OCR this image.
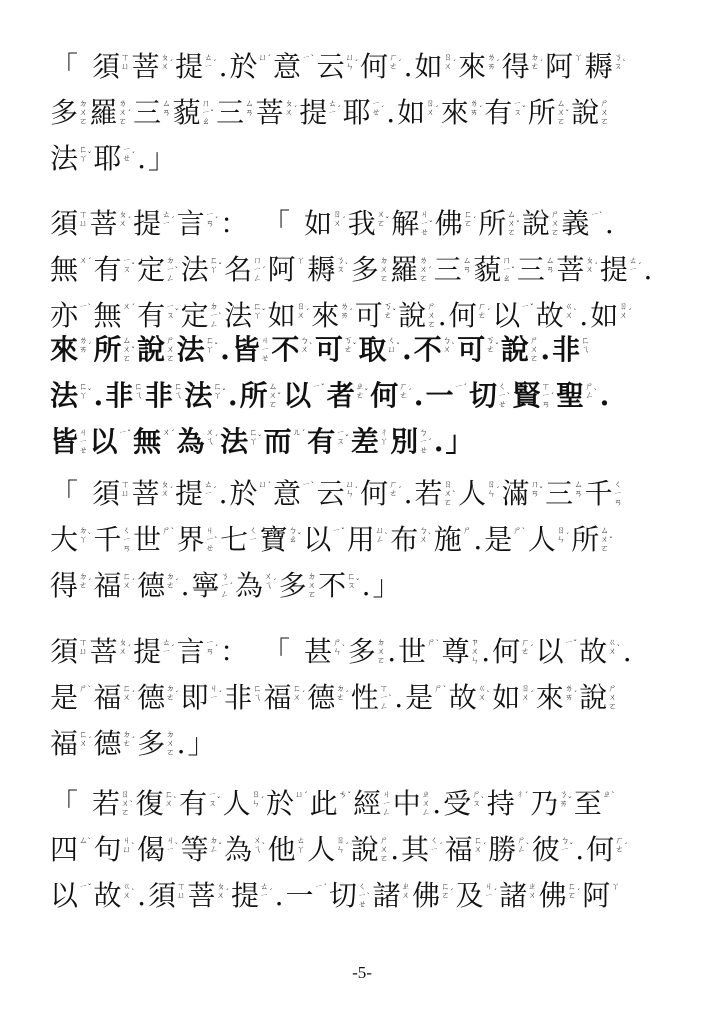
「 須 ㄒ
ㄩ 菩 ㄆ
ㄨ ˊ 提 ㄊ
ㄧ ˊ . 於 ㄩ ˊ 意 ㄧ ˋ 云 ㄩ
ㄣ ˊ 何 ㄏ
ㄜ ˊ . 如 ㄖ
ㄨ ˊ 來 ㄌ
ㄞ ˊ 得 ㄉ
ㄜ ˊ 阿 ㄚ 耨 ㄋ
ㄡ ˋ
多 ㄉ
ㄨ
ㄛ 羅 ㄌ
ㄨ
ㄛ
ˊ 三 ㄙ
ㄢ 藐 ㄇ
ㄧ
ㄠ
ˇ 三 ㄙ
ㄢ 菩 ㄆ
ㄨ ˊ 提 ㄊ
ㄧ ˊ 耶 ㄧ
ㄝ ˊ . 如 ㄖ
ㄨ ˊ 來 ㄌ
ㄞ ˊ 有 ㄧ
ㄡ ˇ 所 ㄙ
ㄨ
ㄛ
ˇ 說 ㄕ
ㄨ
ㄛ
法 ㄈ
ㄚ ˇ 耶 ㄧ
ㄝ ˊ . 」
須 ㄒ
ㄩ 菩 ㄆ
ㄨ ˊ 提 ㄊ
ㄧ ˊ 言 ㄧ
ㄢ ˊ ： 「 如 ㄖ
ㄨ ˊ 我 ㄨ
ㄛ ˇ 解 ㄐ
ㄧ
ㄝ
ˇ 佛 ㄈ
ㄛ ˊ 所 ㄙ
ㄨ
ㄛ
ˇ 說 ㄕ
ㄨ
ㄛ 義 ㄧ ˋ .
無 ㄨ ˊ 有 ㄧ
ㄡ ˇ 定 ㄉ
ㄧ
ㄥ
ˋ 法 ㄈ
ㄚ ˇ 名 ㄇ
ㄧ
ㄥ
ˊ 阿 ㄚ 耨 ㄋ
ㄡ ˋ 多 ㄉ
ㄨ
ㄛ 羅 ㄌ
ㄨ
ㄛ
ˊ 三 ㄙ
ㄢ 藐 ㄇ
ㄧ
ㄠ
ˇ 三 ㄙ
ㄢ 菩 ㄆ
ㄨ ˊ 提 ㄊ
ㄧ ˊ .
亦 ㄧ ˋ 無 ㄨ ˊ 有 ㄧ
ㄡ ˇ 定 ㄉ
ㄧ
ㄥ
ˋ 法 ㄈ
ㄚ ˇ 如 ㄖ
ㄨ ˊ 來 ㄌ
ㄞ ˊ 可 ㄎ
ㄜ ˇ 說 ㄕ
ㄨ
ㄛ . 何 ㄏ
ㄜ ˊ 以 ㄧ ˇ 故 ㄍ
ㄨ ˋ . 如 ㄖ
ㄨ ˊ
來 ㄌ
ㄞ ˊ 所 ㄙ
ㄨ
ㄛ
ˇ 說 ㄕ
ㄨ
ㄛ 法 ㄈ
ㄚ ˇ . 皆 ㄐ
ㄧ
ㄝ 不 ㄅ
ㄨ ˋ 可 ㄎ
ㄜ ˇ 取 ㄑ
ㄩ ˇ . 不 ㄅ
ㄨ ˋ 可 ㄎ
ㄜ ˇ 說 ㄕ
ㄨ
ㄛ . 非 ㄈ
ㄟ
法 ㄈ
ㄚ ˇ . 非 ㄈ
ㄟ 非 ㄈ
ㄟ 法 ㄈ
ㄚ ˇ . 所 ㄙ
ㄨ
ㄛ
ˇ 以 ㄧ ˇ 者 ㄓ
ㄜ ˇ 何 ㄏ
ㄜ ˊ . 一 ㄧ ˊ 切 ㄑ
ㄧ
ㄝ
ˋ 賢 ㄒ
ㄧ
ㄢ
ˊ 聖 ㄕ
ㄥ ˋ .
皆 ㄐ
ㄧ
ㄝ 以 ㄧ ˇ 無 ㄨ ˊ 為 ㄨ
ㄟ ˊ 法 ㄈ
ㄚ ˇ 而 ㄦ ˊ 有 ㄧ
ㄡ ˇ 差 ㄔ
ㄚ 別 ㄅ
ㄧ
ㄝ
ˊ . 」
「 須 ㄒ
ㄩ 菩 ㄆ
ㄨ ˊ 提 ㄊ
ㄧ ˊ . 於 ㄩ ˊ 意 ㄧ ˋ 云 ㄩ
ㄣ ˊ 何 ㄏ
ㄜ ˊ . 若 ㄖ
ㄨ
ㄛ
ˋ 人 ㄖ
ㄣ ˊ 滿 ㄇ
ㄢ ˇ 三 ㄙ
ㄢ 千 ㄑ
ㄧ
ㄢ
大 ㄉ
ㄚ ˋ 千 ㄑ
ㄧ
ㄢ 世 ㄕ ˋ 界 ㄐ
ㄧ
ㄝ
ˋ 七 ㄑ
ㄧ 寶 ㄅ
ㄠ ˇ 以 ㄧ ˇ 用 ㄩ
ㄥ ˋ 布 ㄅ
ㄨ ˋ 施 ㄕ . 是 ㄕ ˋ 人 ㄖ
ㄣ ˊ 所 ㄙ
ㄨ
ㄛ
ˇ
得 ㄉ
ㄜ ˊ 福 ㄈ
ㄨ ˊ 德 ㄉ
ㄜ ˊ . 寧 ㄋ
ㄧ
ㄥ
ˊ 為 ㄨ
ㄟ ˊ 多 ㄉ
ㄨ
ㄛ 不 ㄈ
ㄡ ˇ . 」
須 ㄒ
ㄩ 菩 ㄆ
ㄨ ˊ 提 ㄊ
ㄧ ˊ 言 ㄧ
ㄢ ˊ ： 「 甚 ㄕ
ㄣ ˋ 多 ㄉ
ㄨ
ㄛ . 世 ㄕ ˋ 尊 ㄗ
ㄨ
ㄣ . 何 ㄏ
ㄜ ˊ 以 ㄧ ˇ 故 ㄍ
ㄨ ˋ .
是 ㄕ ˋ 福 ㄈ
ㄨ ˊ 德 ㄉ
ㄜ ˊ 即 ㄐ
ㄧ ˊ 非 ㄈ
ㄟ 福 ㄈ
ㄨ ˊ 德 ㄉ
ㄜ ˊ 性 ㄒ
ㄧ
ㄥ
ˋ . 是 ㄕ ˋ 故 ㄍ
ㄨ ˋ 如 ㄖ
ㄨ ˊ 來 ㄌ
ㄞ ˊ 說 ㄕ
ㄨ
ㄛ
福 ㄈ
ㄨ ˊ 德 ㄉ
ㄜ ˊ 多 ㄉ
ㄨ
ㄛ . 」
「 若 ㄖ
ㄨ
ㄛ
ˋ 復 ㄈ
ㄨ ˋ 有 ㄧ
ㄡ ˇ 人 ㄖ
ㄣ ˊ 於 ㄩ ˊ 此 ㄘ ˇ 經 ㄐ
ㄧ
ㄥ 中 ㄓ
ㄨ
ㄥ . 受 ㄕ
ㄡ ˋ 持 ㄔ ˊ 乃 ㄋ
ㄞ ˇ 至 ㄓ ˋ
四 ㄙ ˋ 句 ㄐ
ㄩ ˋ 偈 ㄐ
ㄧ ˋ 等 ㄉ
ㄥ ˇ 為 ㄨ
ㄟ ˋ 他 ㄊ
ㄚ 人 ㄖ
ㄣ ˊ 說 ㄕ
ㄨ
ㄛ . 其 ㄑ
ㄧ ˊ 福 ㄈ
ㄨ ˊ 勝 ㄕ
ㄥ ˋ 彼 ㄅ
ㄧ ˇ . 何 ㄏ
ㄜ ˊ
以 ㄧ ˇ 故 ㄍ
ㄨ ˋ . 須 ㄒ
ㄩ 菩 ㄆ
ㄨ ˊ 提 ㄊ
ㄧ ˊ . 一 ㄧ ˊ 切 ㄑ
ㄧ
ㄝ
ˋ 諸 ㄓ
ㄨ 佛 ㄈ
ㄛ ˊ 及 ㄐ
ㄧ ˊ 諸 ㄓ
ㄨ 佛 ㄈ
ㄛ ˊ 阿 ㄚ
-5-
